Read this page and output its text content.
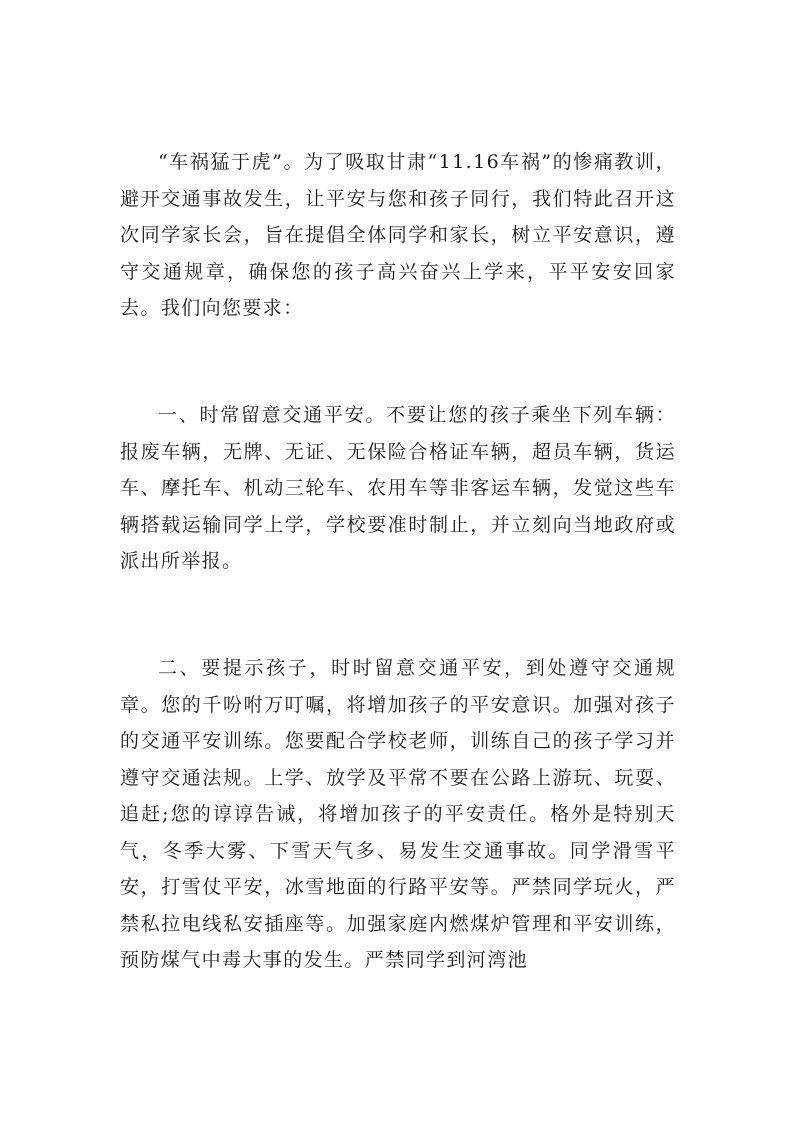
“车祸猛于虎”。为了吸取甘肃“11.16车祸”的惨痛教训，避开交通事故发生，让平安与您和孩子同行，我们特此召开这次同学家长会，旨在提倡全体同学和家长，树立平安意识，遵守交通规章，确保您的孩子高兴奋兴上学来，平平安安回家去。我们向您要求：

一、时常留意交通平安。不要让您的孩子乘坐下列车辆：报废车辆，无牌、无证、无保险合格证车辆，超员车辆，货运车、摩托车、机动三轮车、农用车等非客运车辆，发觉这些车辆搭载运输同学上学，学校要准时制止，并立刻向当地政府或派出所举报。

二、要提示孩子，时时留意交通平安，到处遵守交通规章。您的千吩咐万叮嘱，将增加孩子的平安意识。加强对孩子的交通平安训练。您要配合学校老师，训练自己的孩子学习并遵守交通法规。上学、放学及平常不要在公路上游玩、玩耍、追赶;您的谆谆告诫，将增加孩子的平安责任。格外是特别天气，冬季大雾、下雪天气多、易发生交通事故。同学滑雪平安，打雪仗平安，冰雪地面的行路平安等。严禁同学玩火，严禁私拉电线私安插座等。加强家庭内燃煤炉管理和平安训练，预防煤气中毒大事的发生。严禁同学到河湾池
